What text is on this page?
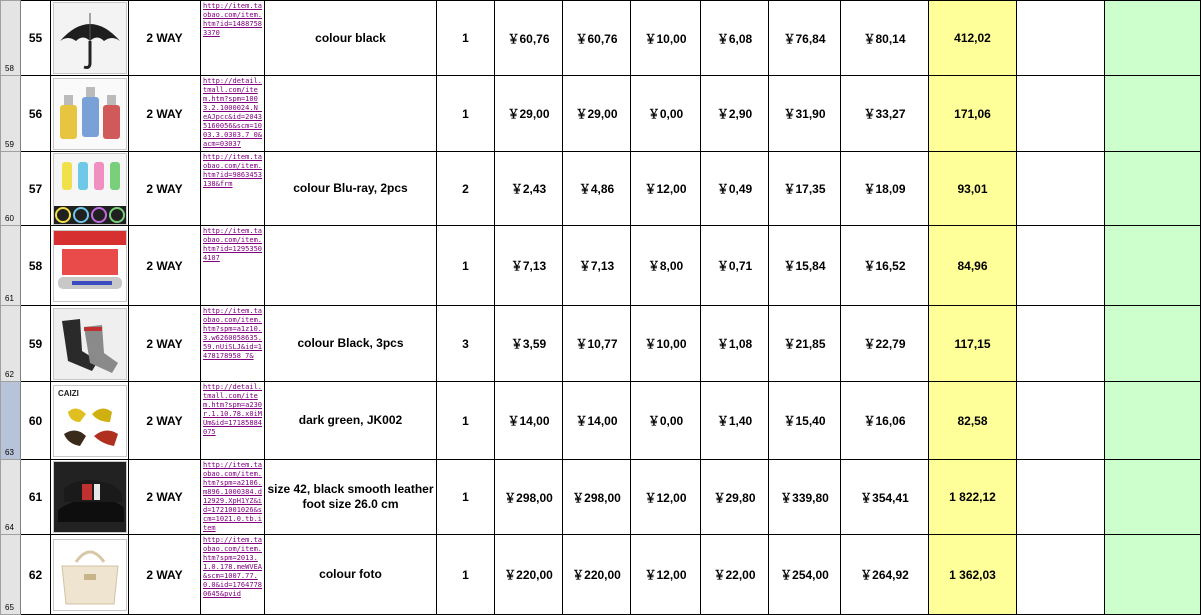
58	55		2 WAY	http://item.taobao.com/item.htm?id=14887583370	colour black	1	￥60,76	￥60,76	￥10,00	￥6,08	￥76,84	￥80,14	412,02		
59	56		2 WAY	http://detail.tmall.com/item.htm?spm=1003.2.1000024.N_eAJpcc&id=20435160056&scm=1003.3.0303.7_0&acm=03037		1	￥29,00	￥29,00	￥0,00	￥2,90	￥31,90	￥33,27	171,06		
60	57		2 WAY	http://item.taobao.com/item.htm?id=9863453138&frm	colour Blu-ray, 2pcs	2	￥2,43	￥4,86	￥12,00	￥0,49	￥17,35	￥18,09	93,01		
61	58		2 WAY	http://item.taobao.com/item.htm?id=12953504107		1	￥7,13	￥7,13	￥8,00	￥0,71	￥15,84	￥16,52	84,96		
62	59		2 WAY	http://item.taobao.com/item.htm?spm=a1z10.3.w6260058635.59.nUiSLJ&id=1478178958 7&	colour Black, 3pcs	3	￥3,59	￥10,77	￥10,00	￥1,08	￥21,85	￥22,79	117,15		
63	60	CAIZI	2 WAY	http://detail.tmall.com/item.htm?spm=a230r.1.10.78.x0iMUm&id=17185884075	dark green, JK002	1	￥14,00	￥14,00	￥0,00	￥1,40	￥15,40	￥16,06	82,58		
64	61		2 WAY	http://item.taobao.com/item.htm?spm=a2106.m896.1000384.d12929.XpH1YZ&id=1721001026&scm=1021.0.tb.item	size 42, black smooth leather foot size 26.0 cm	1	￥298,00	￥298,00	￥12,00	￥29,80	￥339,80	￥354,41	1 822,12		
65	62		2 WAY	http://item.taobao.com/item.htm?spm=2013.1.0.178.meWVEA&scm=1007.77.0.0&id=17647780645&pvid	colour foto	1	￥220,00	￥220,00	￥12,00	￥22,00	￥254,00	￥264,92	1 362,03		
